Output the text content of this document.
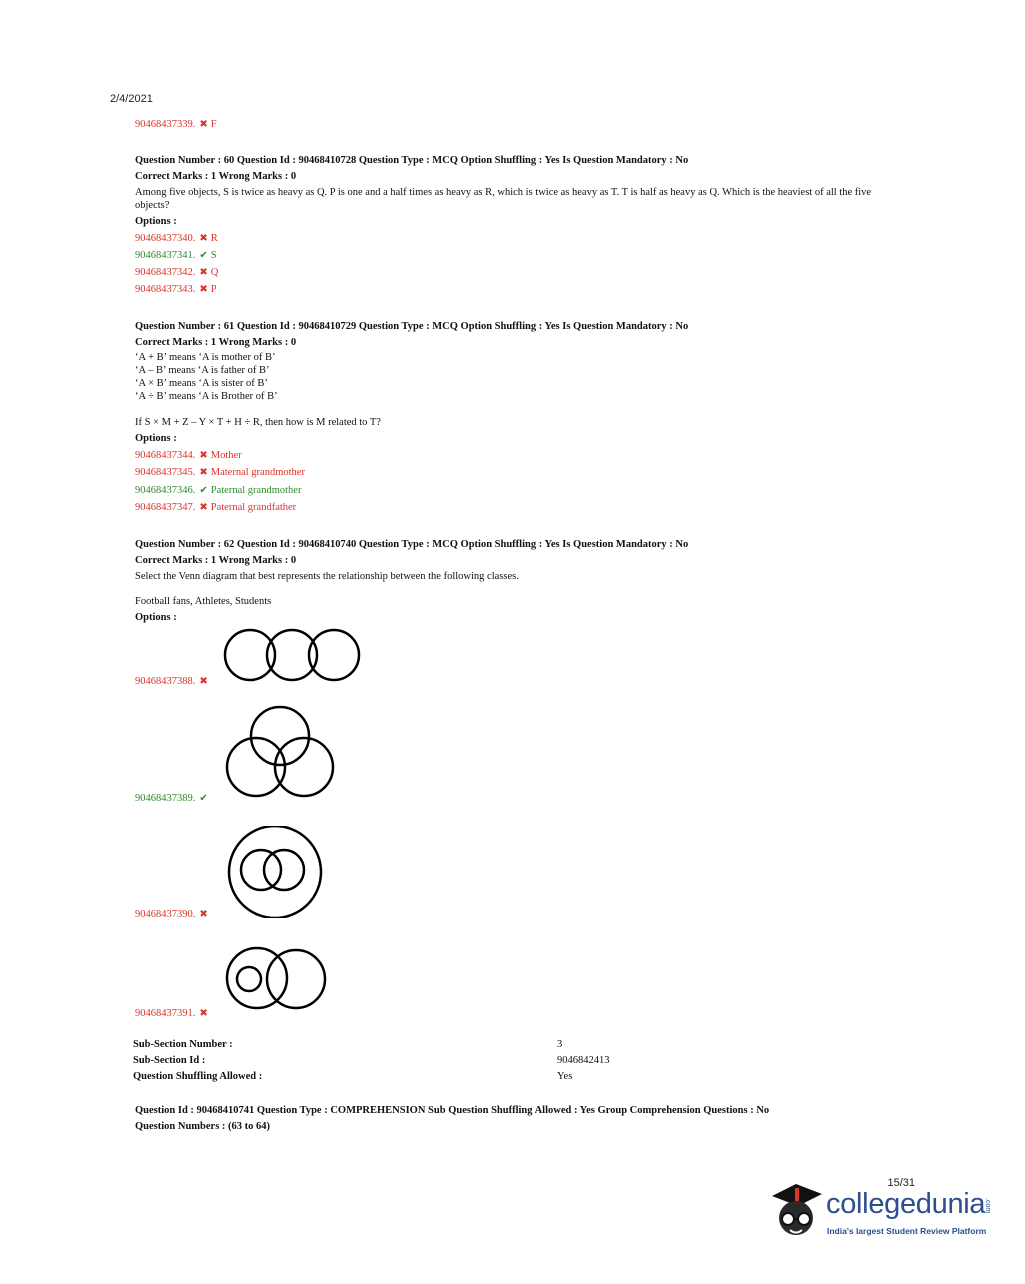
2/4/2021
90468437339. ✖ F
Question Number : 60 Question Id : 90468410728 Question Type : MCQ Option Shuffling : Yes Is Question Mandatory : No
Correct Marks : 1 Wrong Marks : 0
Among five objects, S is twice as heavy as Q. P is one and a half times as heavy as R, which is twice as heavy as T. T is half as heavy as Q. Which is the heaviest of all the five objects?
Options :
90468437340. ✖ R
90468437341. ✔ S
90468437342. ✖ Q
90468437343. ✖ P
Question Number : 61 Question Id : 90468410729 Question Type : MCQ Option Shuffling : Yes Is Question Mandatory : No
Correct Marks : 1 Wrong Marks : 0
‘A + B’ means ‘A is mother of B’
‘A – B’ means ‘A is father of B’
‘A × B’ means ‘A is sister of B’
‘A ÷ B’ means ‘A is Brother of B’
If S × M + Z – Y × T + H ÷ R, then how is M related to T?
Options :
90468437344. ✖ Mother
90468437345. ✖ Maternal grandmother
90468437346. ✔ Paternal grandmother
90468437347. ✖ Paternal grandfather
Question Number : 62 Question Id : 90468410740 Question Type : MCQ Option Shuffling : Yes Is Question Mandatory : No
Correct Marks : 1 Wrong Marks : 0
Select the Venn diagram that best represents the relationship between the following classes.
Football fans, Athletes, Students
Options :
90468437388. ✖
90468437389. ✔
90468437390. ✖
90468437391. ✖
Sub-Section Number :	3
Sub-Section Id :	9046842413
Question Shuffling Allowed :	Yes
Question Id : 90468410741 Question Type : COMPREHENSION Sub Question Shuffling Allowed : Yes Group Comprehension Questions : No
Question Numbers : (63 to 64)
15/31
collegedunia
.com
India's largest Student Review Platform
